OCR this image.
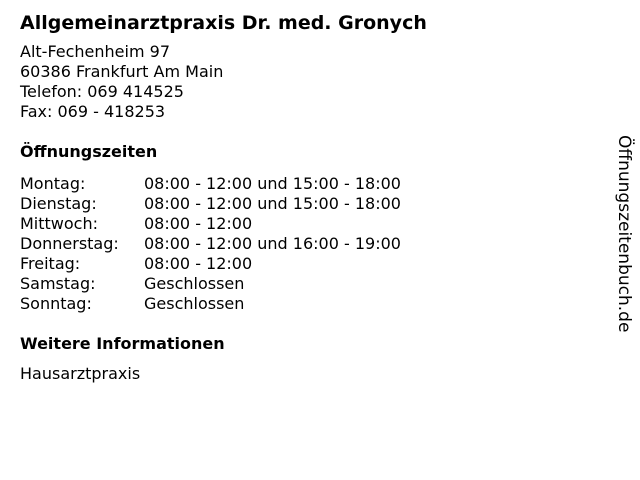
Allgemeinarztpraxis Dr. med. Gronych
Alt-Fechenheim 97
60386 Frankfurt Am Main
Telefon: 069 414525
Fax: 069 - 418253
Öffnungszeiten
Montag:	08:00 - 12:00 und 15:00 - 18:00
Dienstag:	08:00 - 12:00 und 15:00 - 18:00
Mittwoch:	08:00 - 12:00
Donnerstag:	08:00 - 12:00 und 16:00 - 19:00
Freitag:	08:00 - 12:00
Samstag:	Geschlossen
Sonntag:	Geschlossen
Weitere Informationen
Hausarztpraxis
Öffnungszeitenbuch.de
